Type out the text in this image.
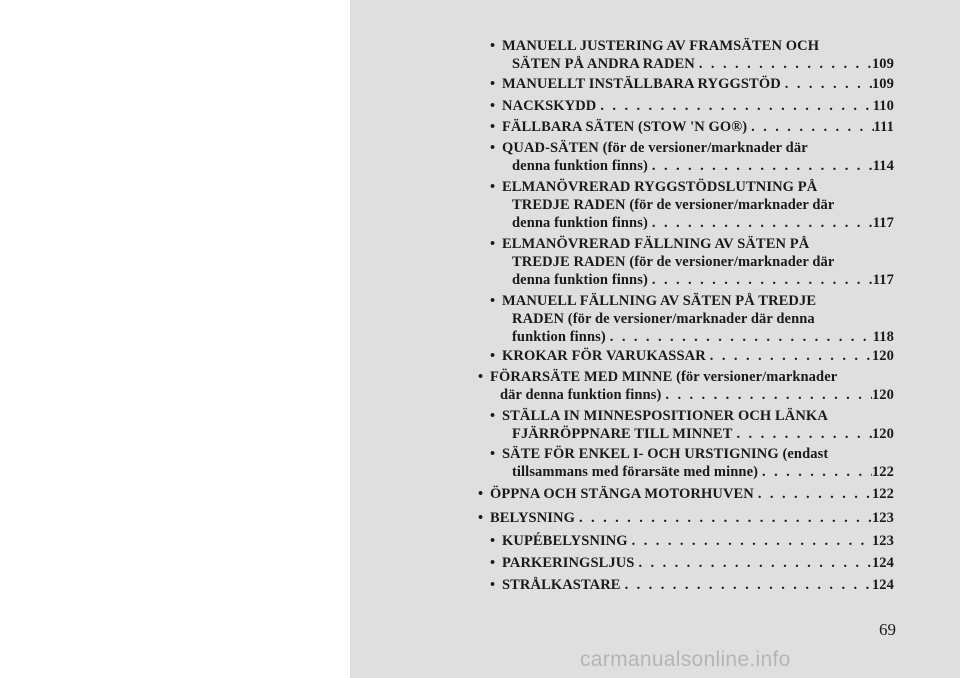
• MANUELL JUSTERING AV FRAMSÄTEN OCH
SÄTEN PÅ ANDRA RADEN . . .	109
• MANUELLT INSTÄLLBARA RYGGSTÖD . . .	109
• NACKSKYDD . . .	110
• FÄLLBARA SÄTEN (STOW 'N GO®) . . .	111
• QUAD-SÄTEN (för de versioner/marknader där
denna funktion finns) . . .	114
• ELMANÖVRERAD RYGGSTÖDSLUTNING PÅ
TREDJE RADEN (för de versioner/marknader där
denna funktion finns) . . .	117
• ELMANÖVRERAD FÄLLNING AV SÄTEN PÅ
TREDJE RADEN (för de versioner/marknader där
denna funktion finns) . . .	117
• MANUELL FÄLLNING AV SÄTEN PÅ TREDJE
RADEN (för de versioner/marknader där denna
funktion finns) . . .	118
• KROKAR FÖR VARUKASSAR . . .	120
• FÖRARSÄTE MED MINNE (för versioner/marknader
där denna funktion finns) . . .	120
• STÄLLA IN MINNESPOSITIONER OCH LÄNKA
FJÄRRÖPPNARE TILL MINNET . . .	120
• SÄTE FÖR ENKEL I- OCH URSTIGNING (endast
tillsammans med förarsäte med minne) . . .	122
• ÖPPNA OCH STÄNGA MOTORHUVEN . . .	122
• BELYSNING . . .	123
• KUPÉBELYSNING . . .	123
• PARKERINGSLJUS . . .	124
• STRÅLKASTARE . . .	124
69
carmanualsonline.info
